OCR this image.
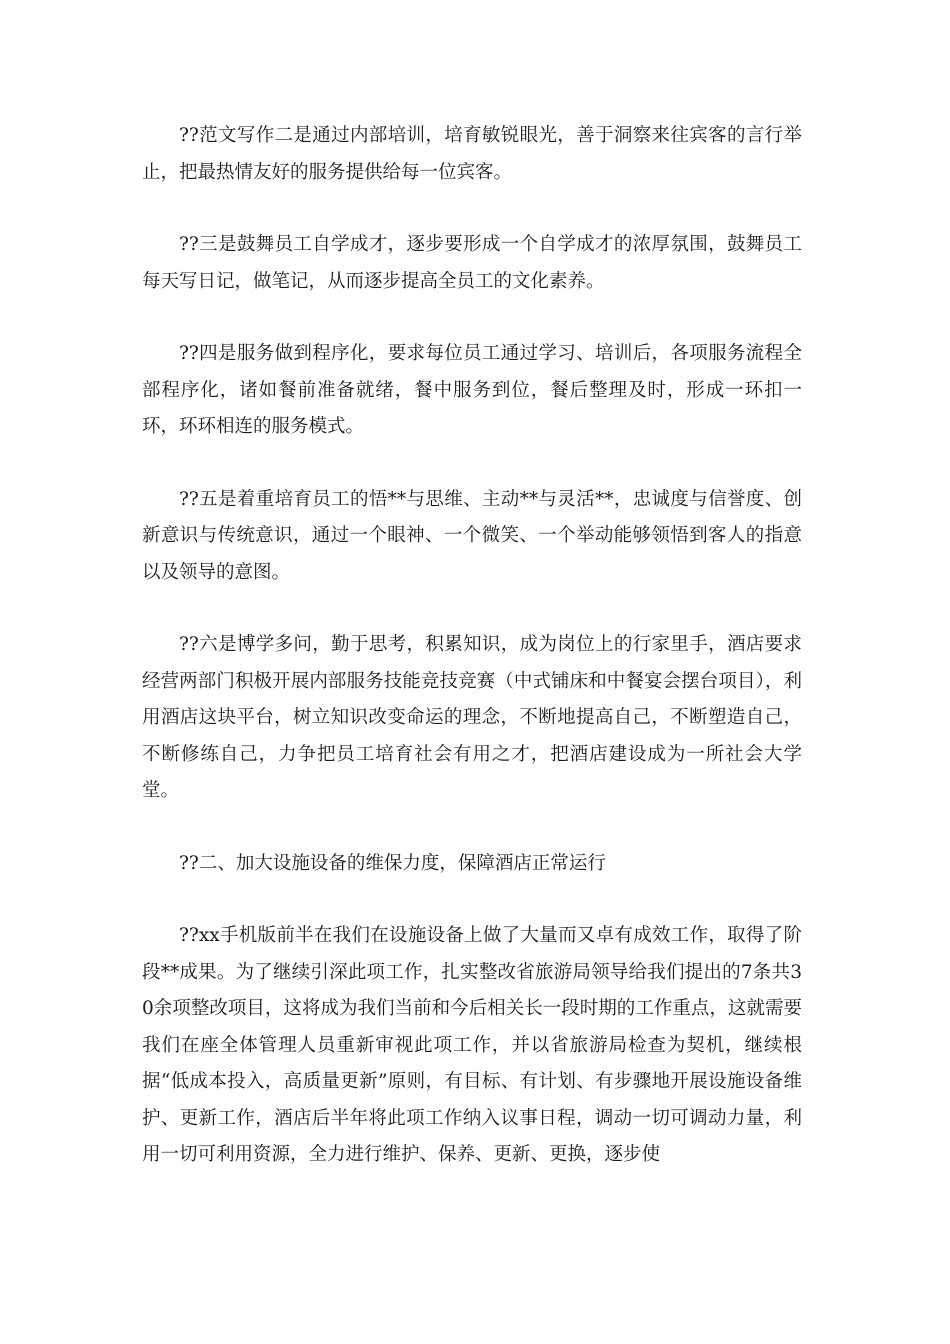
??范文写作二是通过内部培训，培育敏锐眼光，善于洞察来往宾客的言行举止，把最热情友好的服务提供给每一位宾客。

??三是鼓舞员工自学成才，逐步要形成一个自学成才的浓厚氛围，鼓舞员工每天写日记，做笔记，从而逐步提高全员工的文化素养。

??四是服务做到程序化，要求每位员工通过学习、培训后，各项服务流程全部程序化，诸如餐前准备就绪，餐中服务到位，餐后整理及时，形成一环扣一环，环环相连的服务模式。

??五是着重培育员工的悟**与思维、主动**与灵活**，忠诚度与信誉度、创新意识与传统意识，通过一个眼神、一个微笑、一个举动能够领悟到客人的指意以及领导的意图。

??六是博学多问，勤于思考，积累知识，成为岗位上的行家里手，酒店要求经营两部门积极开展内部服务技能竞技竞赛（中式铺床和中餐宴会摆台项目），利用酒店这块平台，树立知识改变命运的理念，不断地提高自己，不断塑造自己，不断修练自己，力争把员工培育社会有用之才，把酒店建设成为一所社会大学堂。

??二、加大设施设备的维保力度，保障酒店正常运行

??xx手机版前半在我们在设施设备上做了大量而又卓有成效工作，取得了阶段**成果。为了继续引深此项工作，扎实整改省旅游局领导给我们提出的7条共30余项整改项目，这将成为我们当前和今后相关长一段时期的工作重点，这就需要我们在座全体管理人员重新审视此项工作，并以省旅游局检查为契机，继续根据“低成本投入，高质量更新”原则，有目标、有计划、有步骤地开展设施设备维护、更新工作，酒店后半年将此项工作纳入议事日程，调动一切可调动力量，利用一切可利用资源，全力进行维护、保养、更新、更换，逐步使
